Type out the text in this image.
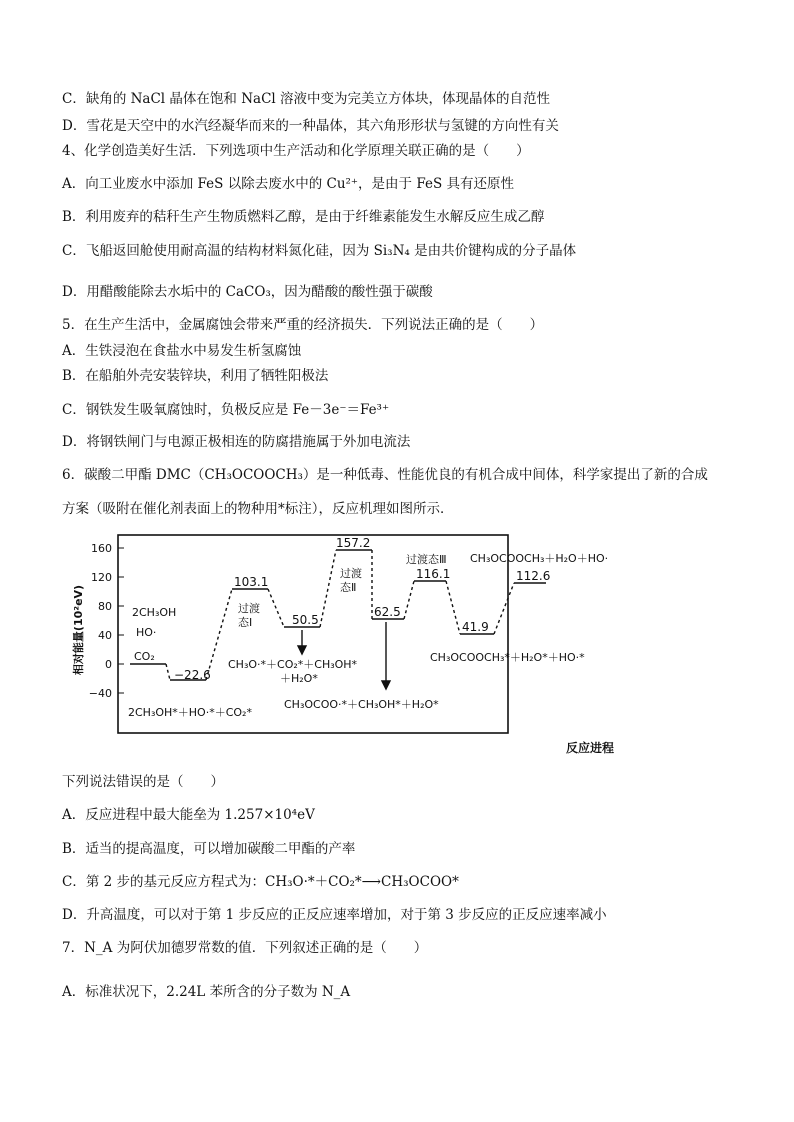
C．缺角的 NaCl 晶体在饱和 NaCl 溶液中变为完美立方体块，体现晶体的自范性
D．雪花是天空中的水汽经凝华而来的一种晶体，其六角形形状与氢键的方向性有关
4、化学创造美好生活．下列选项中生产活动和化学原理关联正确的是（　　）
A．向工业废水中添加 FeS 以除去废水中的 Cu²⁺，是由于 FeS 具有还原性
B．利用废弃的秸秆生产生物质燃料乙醇，是由于纤维素能发生水解反应生成乙醇
C．飞船返回舱使用耐高温的结构材料氮化硅，因为 Si₃N₄ 是由共价键构成的分子晶体
D．用醋酸能除去水垢中的 CaCO₃，因为醋酸的酸性强于碳酸
5．在生产生活中，金属腐蚀会带来严重的经济损失．下列说法正确的是（　　）
A．生铁浸泡在食盐水中易发生析氢腐蚀
B．在船舶外壳安装锌块，利用了牺牲阳极法
C．钢铁发生吸氧腐蚀时，负极反应是 Fe－3e⁻＝Fe³⁺
D．将钢铁闸门与电源正极相连的防腐措施属于外加电流法
6．碳酸二甲酯 DMC（CH₃OCOOCH₃）是一种低毒、性能优良的有机合成中间体，科学家提出了新的合成
方案（吸附在催化剂表面上的物种用*标注），反应机理如图所示．
160
120
80
40
0
−40
相对能量(10²eV)
反应进程
−22.6
103.1
50.5
157.2
62.5
116.1
41.9
112.6
过渡
态Ⅰ
过渡
态Ⅱ
过渡态Ⅲ
2CH₃OH
HO·
CO₂
2CH₃OH*＋HO·*＋CO₂*
CH₃O·*＋CO₂*＋CH₃OH*
＋H₂O*
CH₃OCOO·*＋CH₃OH*＋H₂O*
CH₃OCOOCH₃*＋H₂O*＋HO·*
CH₃OCOOCH₃＋H₂O＋HO·
下列说法错误的是（　　）
A．反应进程中最大能垒为 1.257×10⁴eV
B．适当的提高温度，可以增加碳酸二甲酯的产率
C．第 2 步的基元反应方程式为：CH₃O·*＋CO₂*⟶CH₃OCOO*
D．升高温度，可以对于第 1 步反应的正反应速率增加，对于第 3 步反应的正反应速率减小
7．N_A 为阿伏加德罗常数的值．下列叙述正确的是（　　）
A．标准状况下，2.24L 苯所含的分子数为 N_A
